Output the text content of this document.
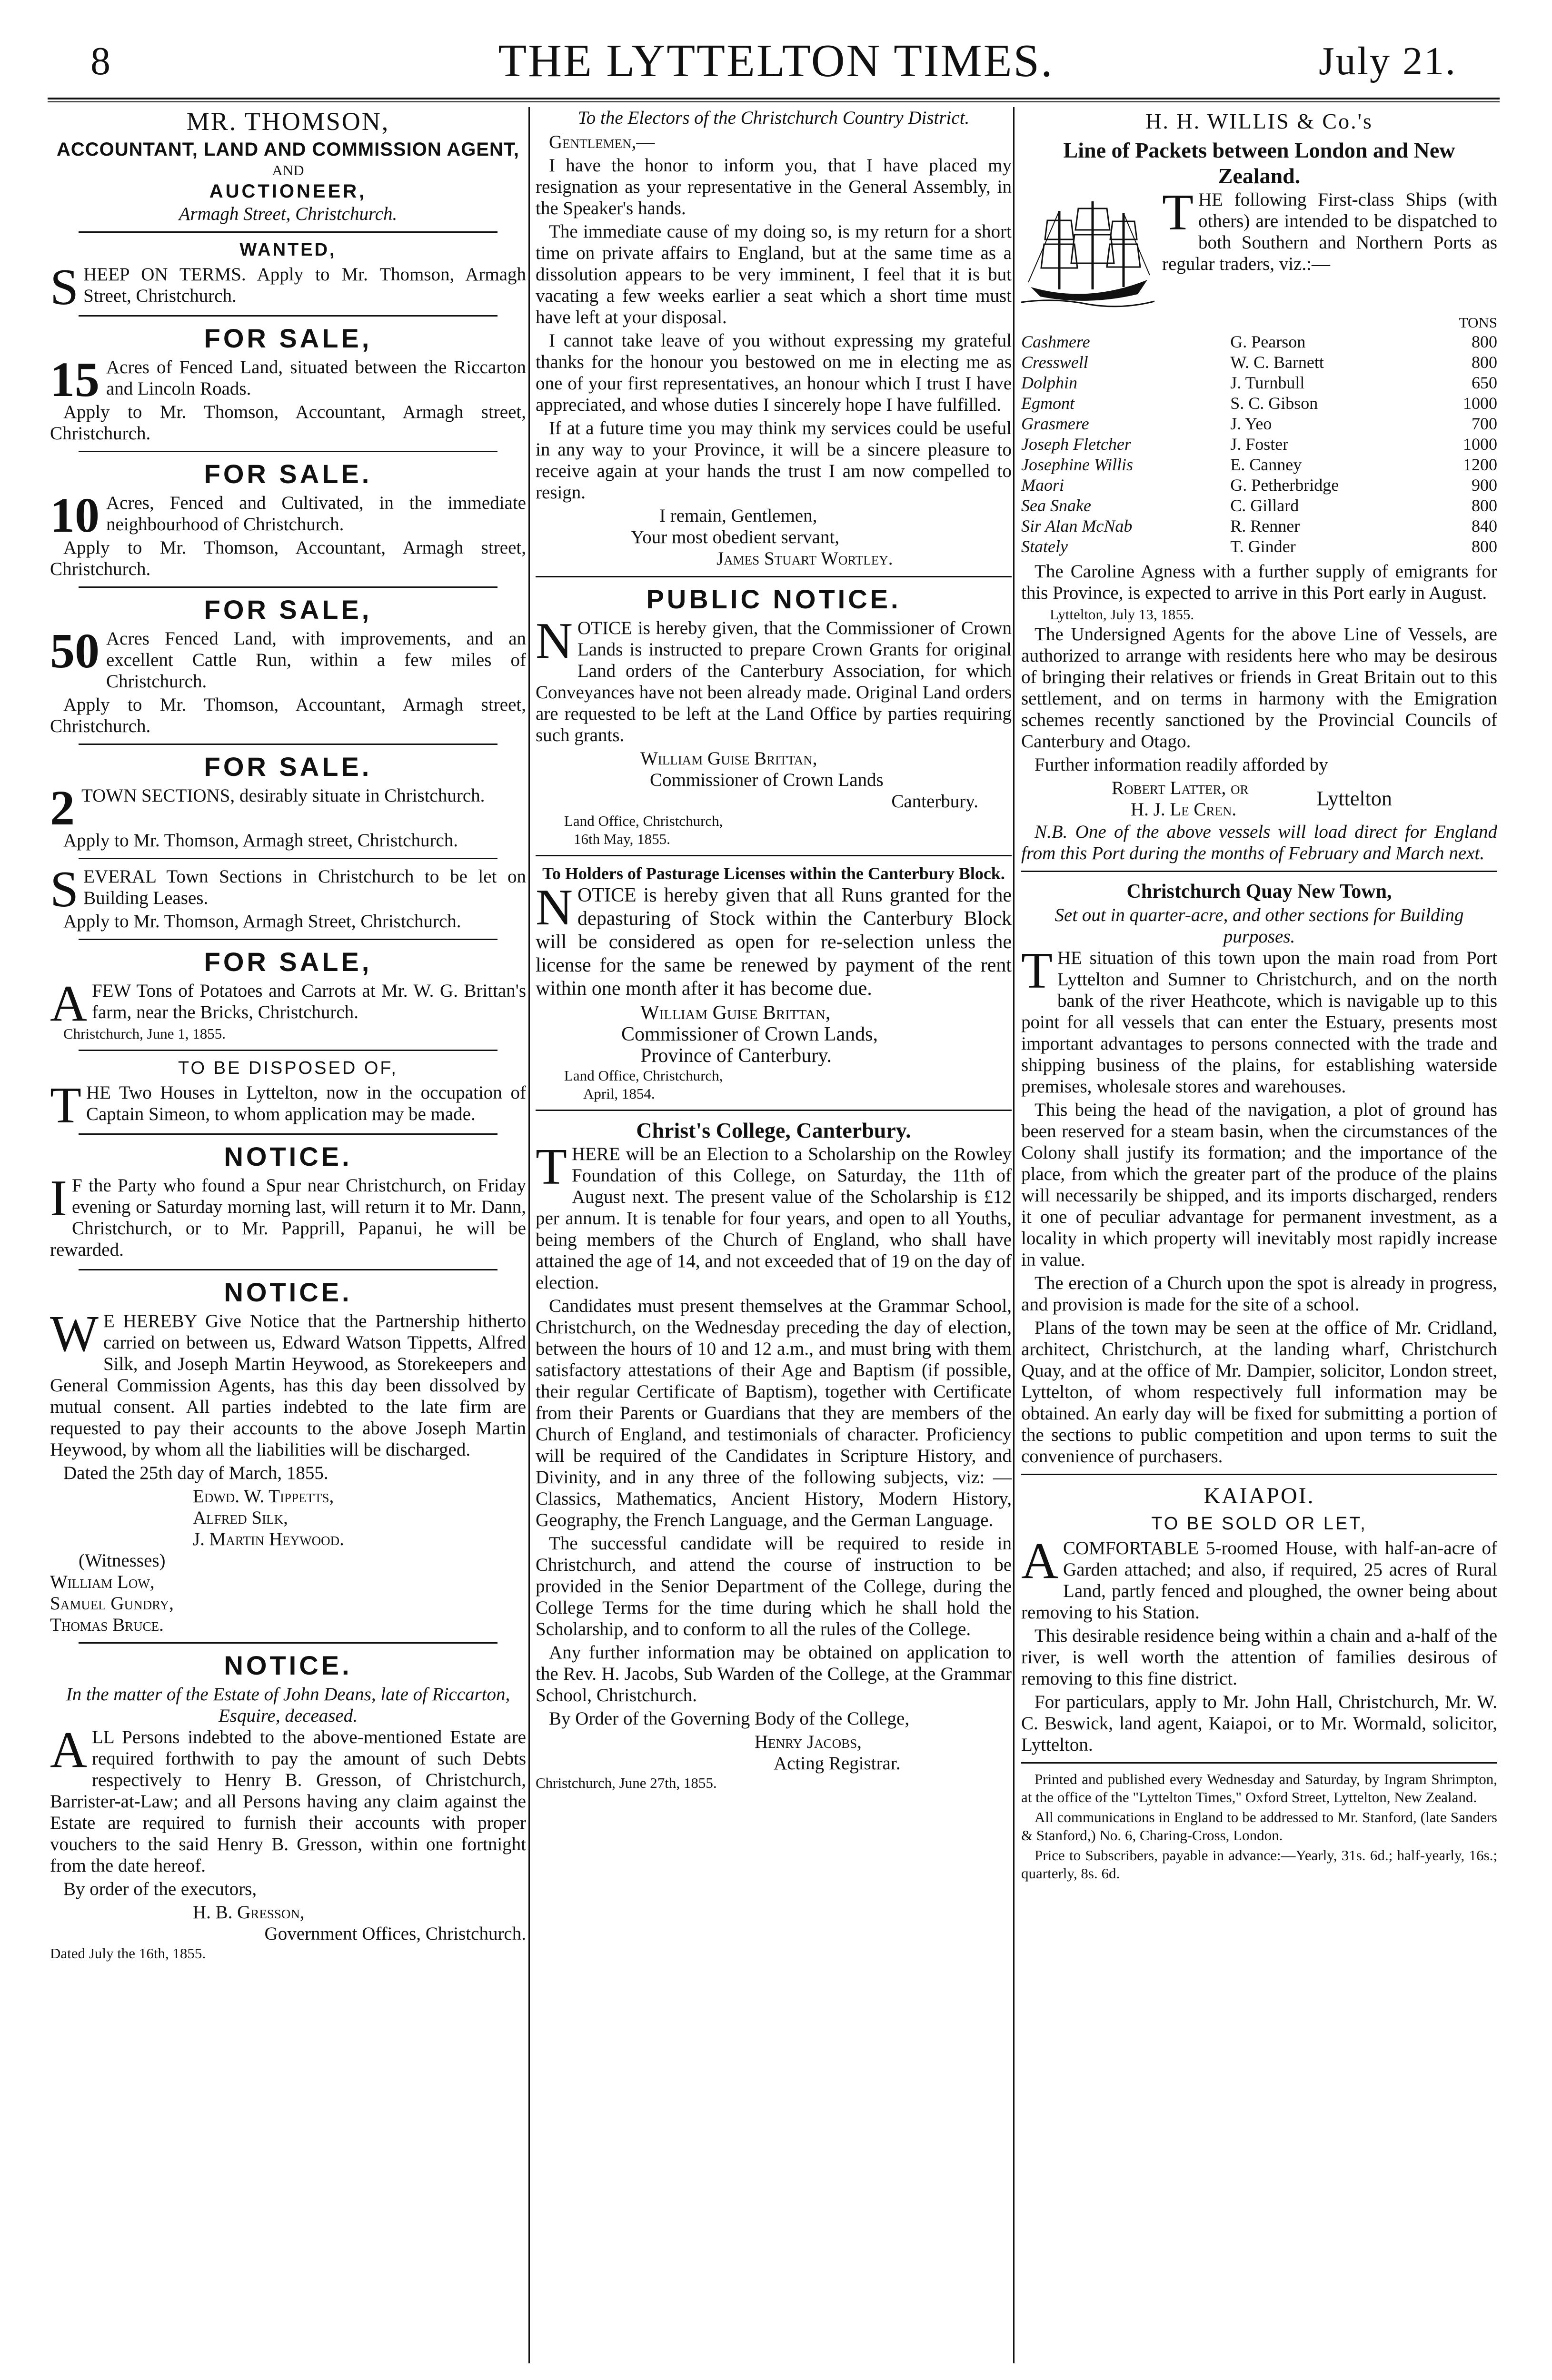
8	THE LYTTELTON TIMES.	July 21.
MR. THOMSON,
ACCOUNTANT, LAND AND COMMISSION AGENT,
AND
AUCTIONEER,
Armagh Street, Christchurch.
WANTED,

SHEEP ON TERMS. Apply to Mr. Thomson, Armagh Street, Christchurch.

FOR SALE,

15 Acres of Fenced Land, situated between the Riccarton and Lincoln Roads.

Apply to Mr. Thomson, Accountant, Armagh street, Christchurch.

FOR SALE.

10 Acres, Fenced and Cultivated, in the immediate neighbourhood of Christchurch.

Apply to Mr. Thomson, Accountant, Armagh street, Christchurch.

FOR SALE,

50 Acres Fenced Land, with improvements, and an excellent Cattle Run, within a few miles of Christchurch.

Apply to Mr. Thomson, Accountant, Armagh street, Christchurch.

FOR SALE.

2 TOWN SECTIONS, desirably situate in Christchurch.

Apply to Mr. Thomson, Armagh street, Christchurch.

SEVERAL Town Sections in Christchurch to be let on Building Leases.

Apply to Mr. Thomson, Armagh Street, Christchurch.

FOR SALE,

AFEW Tons of Potatoes and Carrots at Mr. W. G. Brittan's farm, near the Bricks, Christchurch.

Christchurch, June 1, 1855.

TO BE DISPOSED OF,

THE Two Houses in Lyttelton, now in the occupation of Captain Simeon, to whom application may be made.

NOTICE.

I F the Party who found a Spur near Christchurch, on Friday evening or Saturday morning last, will return it to Mr. Dann, Christchurch, or to Mr. Papprill, Papanui, he will be rewarded.

NOTICE.

W E HEREBY Give Notice that the Partnership hitherto carried on between us, Edward Watson Tippetts, Alfred Silk, and Joseph Martin Heywood, as Storekeepers and General Commission Agents, has this day been dissolved by mutual consent. All parties indebted to the late firm are requested to pay their accounts to the above Joseph Martin Heywood, by whom all the liabilities will be discharged.

Dated the 25th day of March, 1855.

Edwd. W. Tippetts,
Alfred Silk,
J. Martin Heywood.
(Witnesses)
William Low,
Samuel Gundry,
Thomas Bruce.
NOTICE.
In the matter of the Estate of John Deans, late of Riccarton, Esquire, deceased.

ALL Persons indebted to the above-mentioned Estate are required forthwith to pay the amount of such Debts respectively to Henry B. Gresson, of Christchurch, Barrister-at-Law; and all Persons having any claim against the Estate are required to furnish their accounts with proper vouchers to the said Henry B. Gresson, within one fortnight from the date hereof.

By order of the executors,

H. B. Gresson,
Government Offices, Christchurch.
Dated July the 16th, 1855.
To the Electors of the Christchurch Country District.

Gentlemen,—

I have the honor to inform you, that I have placed my resignation as your representative in the General Assembly, in the Speaker's hands.

The immediate cause of my doing so, is my return for a short time on private affairs to England, but at the same time as a dissolution appears to be very imminent, I feel that it is but vacating a few weeks earlier a seat which a short time must have left at your disposal.

I cannot take leave of you without expressing my grateful thanks for the honour you bestowed on me in electing me as one of your first representatives, an honour which I trust I have appreciated, and whose duties I sincerely hope I have fulfilled.

If at a future time you may think my services could be useful in any way to your Province, it will be a sincere pleasure to receive again at your hands the trust I am now compelled to resign.

I remain, Gentlemen,
Your most obedient servant,
James Stuart Wortley.
PUBLIC NOTICE.

NOTICE is hereby given, that the Commissioner of Crown Lands is instructed to prepare Crown Grants for original Land orders of the Canterbury Association, for which Conveyances have not been already made. Original Land orders are requested to be left at the Land Office by parties requiring such grants.

William Guise Brittan,
Commissioner of Crown Lands
Canterbury.
Land Office, Christchurch,
16th May, 1855.
To Holders of Pasturage Licenses within the Canterbury Block.

NOTICE is hereby given that all Runs granted for the depasturing of Stock within the Canterbury Block will be considered as open for re-selection unless the license for the same be renewed by payment of the rent within one month after it has become due.

William Guise Brittan,
Commissioner of Crown Lands,
Province of Canterbury.
Land Office, Christchurch,
April, 1854.
Christ's College, Canterbury.

THERE will be an Election to a Scholarship on the Rowley Foundation of this College, on Saturday, the 11th of August next. The present value of the Scholarship is £12 per annum. It is tenable for four years, and open to all Youths, being members of the Church of England, who shall have attained the age of 14, and not exceeded that of 19 on the day of election.

Candidates must present themselves at the Grammar School, Christchurch, on the Wednesday preceding the day of election, between the hours of 10 and 12 a.m., and must bring with them satisfactory attestations of their Age and Baptism (if possible, their regular Certificate of Baptism), together with Certificate from their Parents or Guardians that they are members of the Church of England, and testimonials of character. Proficiency will be required of the Candidates in Scripture History, and Divinity, and in any three of the following subjects, viz: —Classics, Mathematics, Ancient History, Modern History, Geography, the French Language, and the German Language.

The successful candidate will be required to reside in Christchurch, and attend the course of instruction to be provided in the Senior Department of the College, during the College Terms for the time during which he shall hold the Scholarship, and to conform to all the rules of the College.

Any further information may be obtained on application to the Rev. H. Jacobs, Sub Warden of the College, at the Grammar School, Christchurch.

By Order of the Governing Body of the College,

Henry Jacobs,
Acting Registrar.
Christchurch, June 27th, 1855.
H. H. WILLIS & Co.'s
Line of Packets between London and New Zealand.

THE following First-class Ships (with others) are intended to be dispatched to both Southern and Northern Ports as regular traders, viz.:—

TONS
Cashmere	G. Pearson	800
Cresswell	W. C. Barnett	800
Dolphin	J. Turnbull	650
Egmont	S. C. Gibson	1000
Grasmere	J. Yeo	700
Joseph Fletcher	J. Foster	1000
Josephine Willis	E. Canney	1200
Maori	G. Petherbridge	900
Sea Snake	C. Gillard	800
Sir Alan McNab	R. Renner	840
Stately	T. Ginder	800

The Caroline Agness with a further supply of emigrants for this Province, is expected to arrive in this Port early in August.

Lyttelton, July 13, 1855.

The Undersigned Agents for the above Line of Vessels, are authorized to arrange with residents here who may be desirous of bringing their relatives or friends in Great Britain out to this settlement, and on terms in harmony with the Emigration schemes recently sanctioned by the Provincial Councils of Canterbury and Otago.

Further information readily afforded by

Robert Latter, or
H. J. Le Cren.	Lyttelton

N.B. One of the above vessels will load direct for England from this Port during the months of February and March next.

Christchurch Quay New Town,
Set out in quarter-acre, and other sections for Building purposes.

THE situation of this town upon the main road from Port Lyttelton and Sumner to Christchurch, and on the north bank of the river Heathcote, which is navigable up to this point for all vessels that can enter the Estuary, presents most important advantages to persons connected with the trade and shipping business of the plains, for establishing waterside premises, wholesale stores and warehouses.

This being the head of the navigation, a plot of ground has been reserved for a steam basin, when the circumstances of the Colony shall justify its formation; and the importance of the place, from which the greater part of the produce of the plains will necessarily be shipped, and its imports discharged, renders it one of peculiar advantage for permanent investment, as a locality in which property will inevitably most rapidly increase in value.

The erection of a Church upon the spot is already in progress, and provision is made for the site of a school.

Plans of the town may be seen at the office of Mr. Cridland, architect, Christchurch, at the landing wharf, Christchurch Quay, and at the office of Mr. Dampier, solicitor, London street, Lyttelton, of whom respectively full information may be obtained. An early day will be fixed for submitting a portion of the sections to public competition and upon terms to suit the convenience of purchasers.

KAIAPOI.
TO BE SOLD OR LET,

ACOMFORTABLE 5-roomed House, with half-an-acre of Garden attached; and also, if required, 25 acres of Rural Land, partly fenced and ploughed, the owner being about removing to his Station.

This desirable residence being within a chain and a-half of the river, is well worth the attention of families desirous of removing to this fine district.

For particulars, apply to Mr. John Hall, Christchurch, Mr. W. C. Beswick, land agent, Kaiapoi, or to Mr. Wormald, solicitor, Lyttelton.

Printed and published every Wednesday and Saturday, by Ingram Shrimpton, at the office of the "Lyttelton Times," Oxford Street, Lyttelton, New Zealand.

All communications in England to be addressed to Mr. Stanford, (late Sanders & Stanford,) No. 6, Charing-Cross, London.

Price to Subscribers, payable in advance:—Yearly, 31s. 6d.; half-yearly, 16s.; quarterly, 8s. 6d.
